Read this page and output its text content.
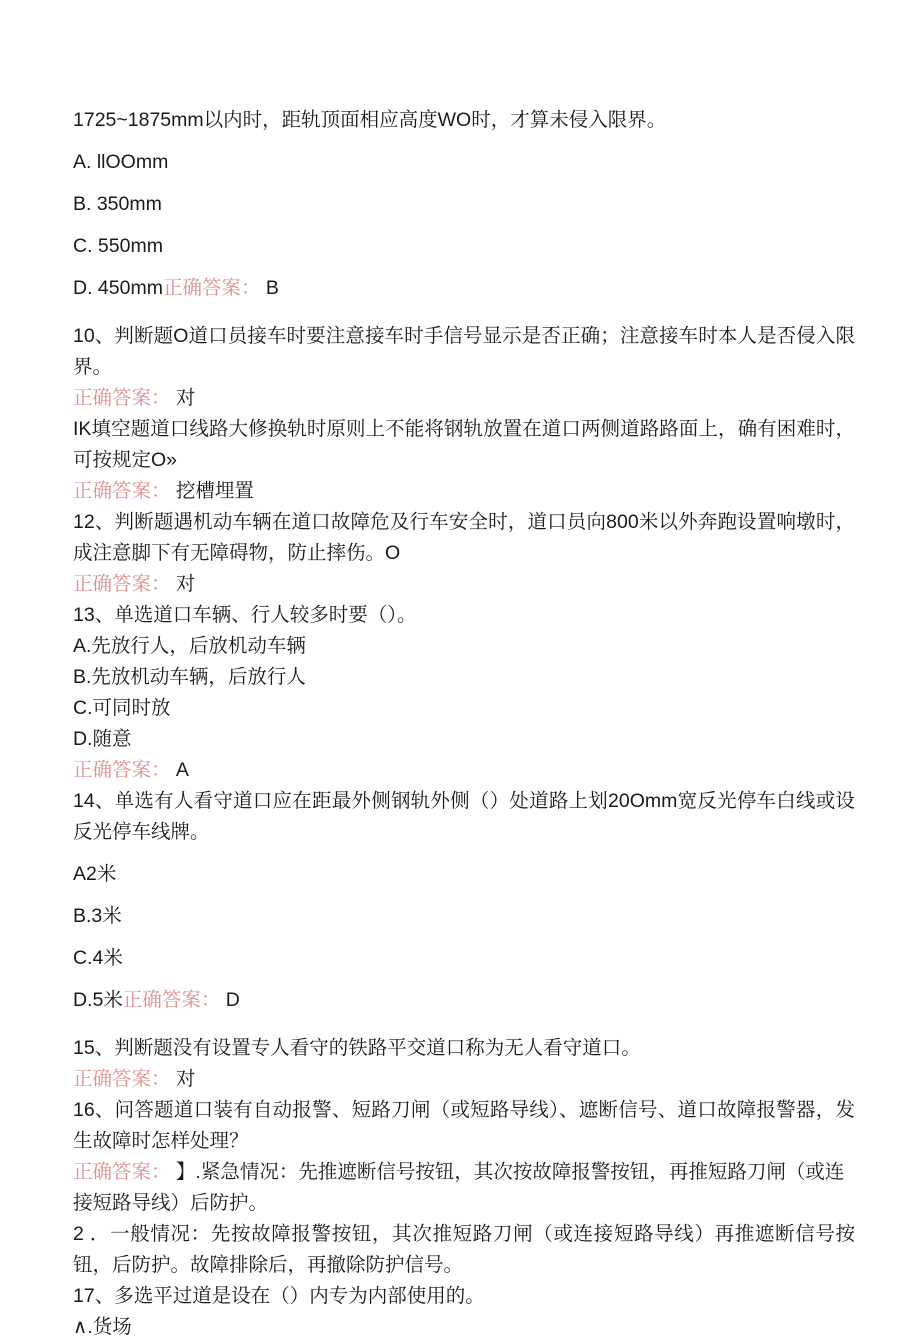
1725~1875mm以内时，距轨顶面相应高度WO时，才算未侵入限界。
A. llOOmm
B. 350mm
C. 550mm
D. 450mm正确答案： B
10、判断题O道口员接车时要注意接车时手信号显示是否正确；注意接车时本人是否侵入限界。
正确答案： 对
IK填空题道口线路大修换轨时原则上不能将钢轨放置在道口两侧道路路面上，确有困难时，可按规定O»
正确答案： 挖槽埋置
12、判断题遇机动车辆在道口故障危及行车安全时，道口员向800米以外奔跑设置响墩时，成注意脚下有无障碍物，防止摔伤。O
正确答案： 对
13、单选道口车辆、行人较多时要（）。
A.先放行人，后放机动车辆
B.先放机动车辆，后放行人
C.可同时放
D.随意
正确答案： A
14、单选有人看守道口应在距最外侧钢轨外侧（）处道路上划20Omm宽反光停车白线或设反光停车线牌。
A2米
B.3米
C.4米
D.5米正确答案： D
15、判断题没有设置专人看守的铁路平交道口称为无人看守道口。
正确答案： 对
16、问答题道口装有自动报警、短路刀闸（或短路导线）、遮断信号、道口故障报警器，发生故障时怎样处理？
正确答案： 】.紧急情况：先推遮断信号按钮，其次按故障报警按钮，再推短路刀闸（或连接短路导线）后防护。
2 ．一般情况：先按故障报警按钮，其次推短路刀闸（或连接短路导线）再推遮断信号按钮，后防护。故障排除后，再撤除防护信号。
17、多选平过道是设在（）内专为内部使用的。
∧.货场
